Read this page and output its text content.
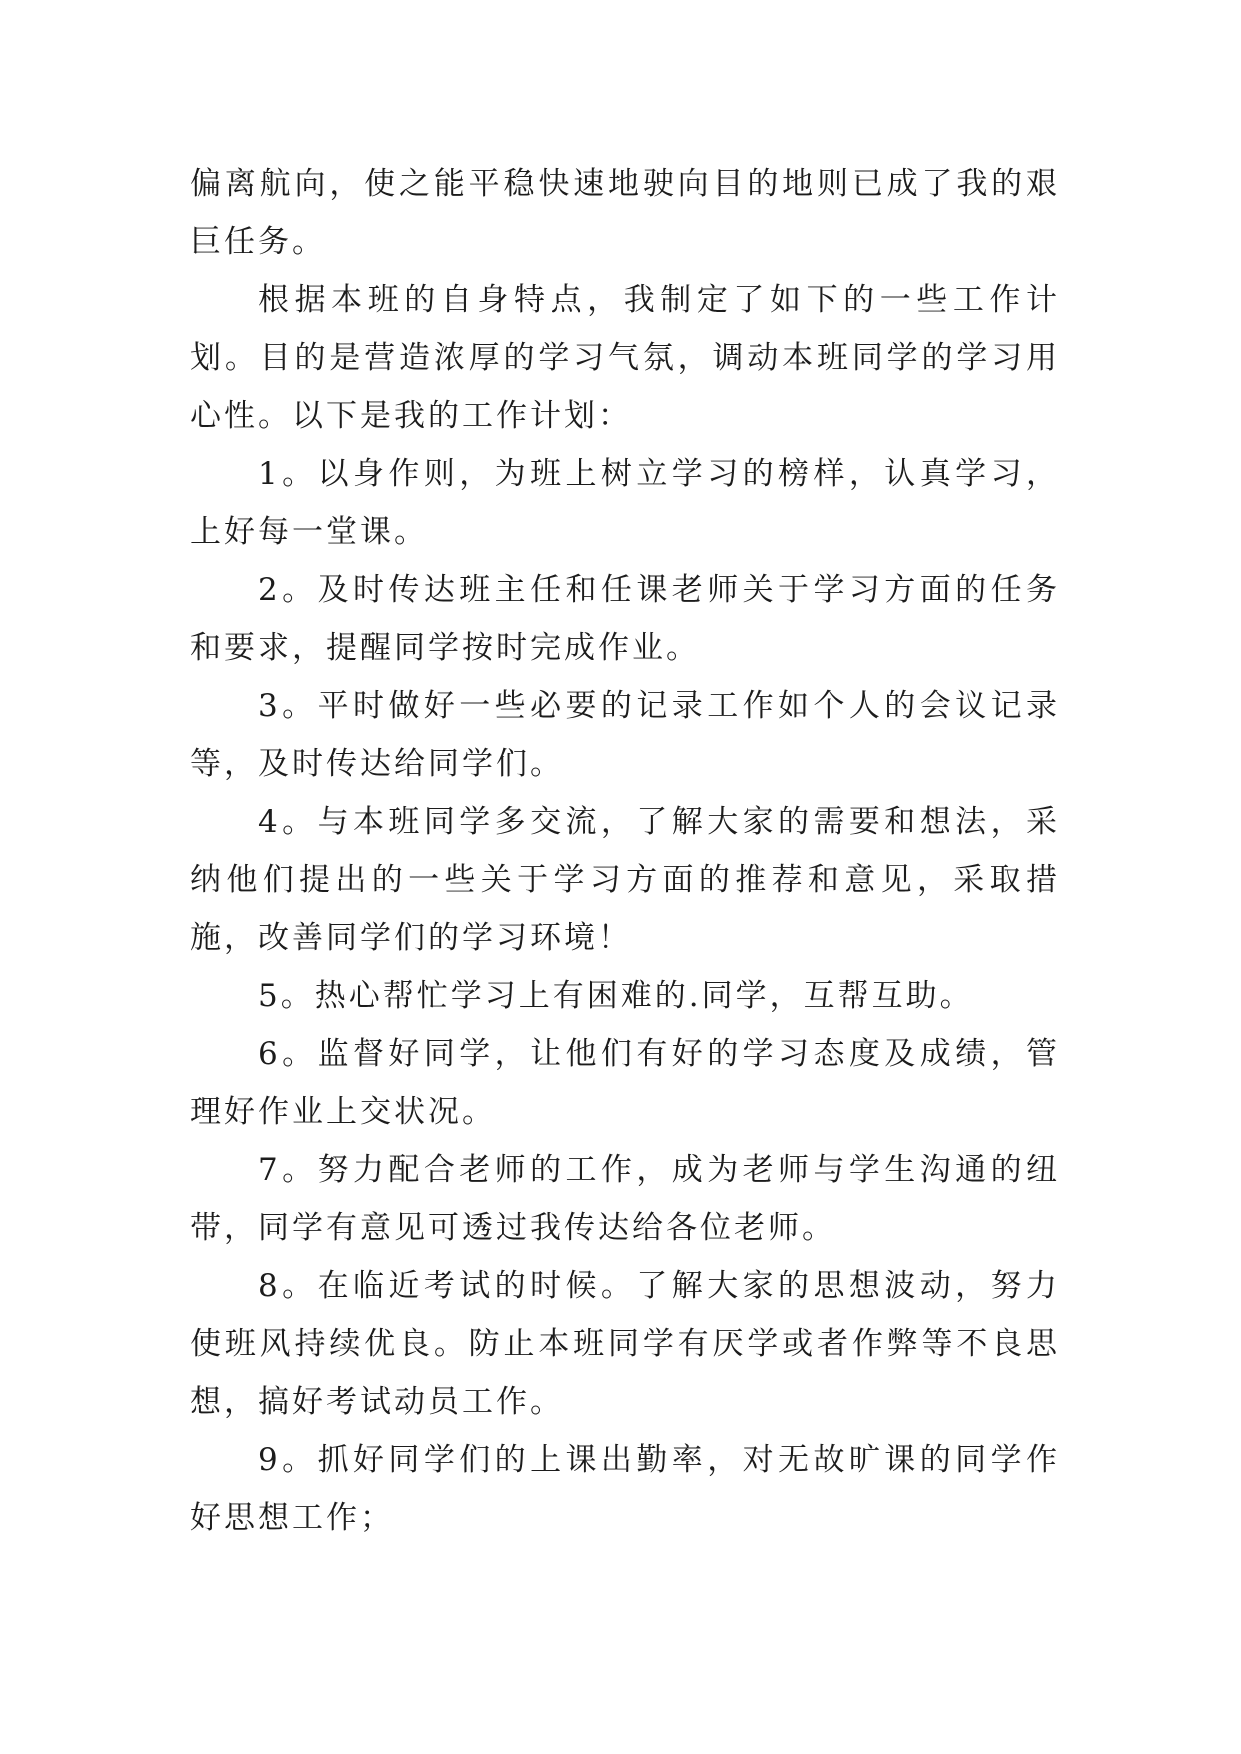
偏离航向，使之能平稳快速地驶向目的地则已成了我的艰巨任务。

根据本班的自身特点，我制定了如下的一些工作计划。目的是营造浓厚的学习气氛，调动本班同学的学习用心性。以下是我的工作计划：

1。以身作则，为班上树立学习的榜样，认真学习，上好每一堂课。

2。及时传达班主任和任课老师关于学习方面的任务和要求，提醒同学按时完成作业。

3。平时做好一些必要的记录工作如个人的会议记录等，及时传达给同学们。

4。与本班同学多交流，了解大家的需要和想法，采纳他们提出的一些关于学习方面的推荐和意见，采取措施，改善同学们的学习环境！

5。热心帮忙学习上有困难的.同学，互帮互助。

6。监督好同学，让他们有好的学习态度及成绩，管理好作业上交状况。

7。努力配合老师的工作，成为老师与学生沟通的纽带，同学有意见可透过我传达给各位老师。

8。在临近考试的时候。了解大家的思想波动，努力使班风持续优良。防止本班同学有厌学或者作弊等不良思想，搞好考试动员工作。

9。抓好同学们的上课出勤率，对无故旷课的同学作好思想工作；
